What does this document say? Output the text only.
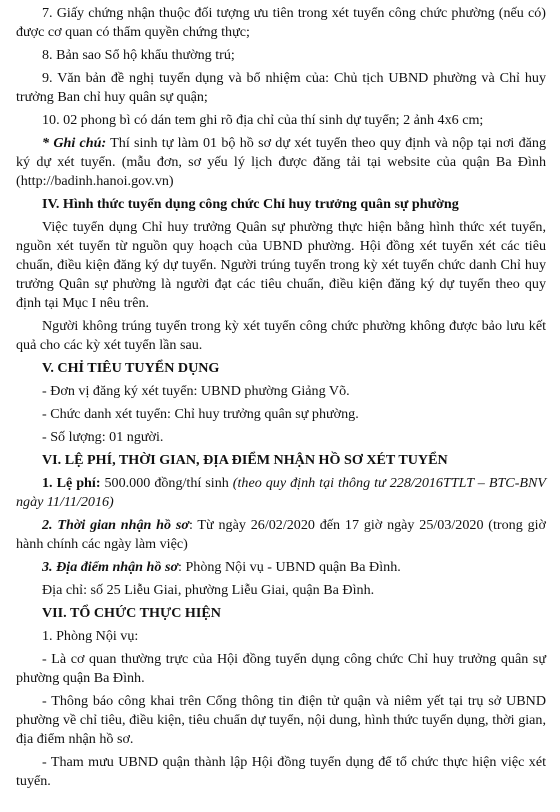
7. Giấy chứng nhận thuộc đối tượng ưu tiên trong xét tuyển công chức phường (nếu có) được cơ quan có thẩm quyền chứng thực;

8. Bản sao Sổ hộ khẩu thường trú;

9. Văn bản đề nghị tuyển dụng và bổ nhiệm của: Chủ tịch UBND phường và Chỉ huy trưởng Ban chỉ huy quân sự quận;

10. 02 phong bì có dán tem ghi rõ địa chỉ của thí sinh dự tuyển; 2 ảnh 4x6 cm;

* Ghi chú: Thí sinh tự làm 01 bộ hồ sơ dự xét tuyển theo quy định và nộp tại nơi đăng ký dự xét tuyển. (mẫu đơn, sơ yếu lý lịch được đăng tải tại website của quận Ba Đình (http://badinh.hanoi.gov.vn)

IV. Hình thức tuyển dụng công chức Chỉ huy trưởng quân sự phường

Việc tuyển dụng Chỉ huy trưởng Quân sự phường thực hiện bằng hình thức xét tuyển, nguồn xét tuyển từ nguồn quy hoạch của UBND phường. Hội đồng xét tuyển xét các tiêu chuẩn, điều kiện đăng ký dự tuyển. Người trúng tuyển trong kỳ xét tuyển chức danh Chỉ huy trưởng Quân sự phường là người đạt các tiêu chuẩn, điều kiện đăng ký dự tuyển theo quy định tại Mục I nêu trên.

Người không trúng tuyển trong kỳ xét tuyển công chức phường không được bảo lưu kết quả cho các kỳ xét tuyển lần sau.

V. CHỈ TIÊU TUYỂN DỤNG

- Đơn vị đăng ký xét tuyển: UBND phường Giảng Võ.

- Chức danh xét tuyển: Chỉ huy trưởng quân sự phường.

- Số lượng: 01 người.

VI. LỆ PHÍ, THỜI GIAN, ĐỊA ĐIỂM NHẬN HỒ SƠ XÉT TUYỂN

1. Lệ phí: 500.000 đồng/thí sinh (theo quy định tại thông tư 228/2016TTLT – BTC-BNV ngày 11/11/2016)

2. Thời gian nhận hồ sơ: Từ ngày 26/02/2020 đến 17 giờ ngày 25/03/2020 (trong giờ hành chính các ngày làm việc)

3. Địa điểm nhận hồ sơ: Phòng Nội vụ - UBND quận Ba Đình.

Địa chỉ: số 25 Liễu Giai, phường Liễu Giai, quận Ba Đình.

VII. TỔ CHỨC THỰC HIỆN

1. Phòng Nội vụ:

- Là cơ quan thường trực của Hội đồng tuyển dụng công chức Chỉ huy trưởng quân sự phường quận Ba Đình.

- Thông báo công khai trên Cổng thông tin điện tử quận và niêm yết tại trụ sở UBND phường về chỉ tiêu, điều kiện, tiêu chuẩn dự tuyển, nội dung, hình thức tuyển dụng, thời gian, địa điểm nhận hồ sơ.

- Tham mưu UBND quận thành lập Hội đồng tuyển dụng để tổ chức thực hiện việc xét tuyển.
